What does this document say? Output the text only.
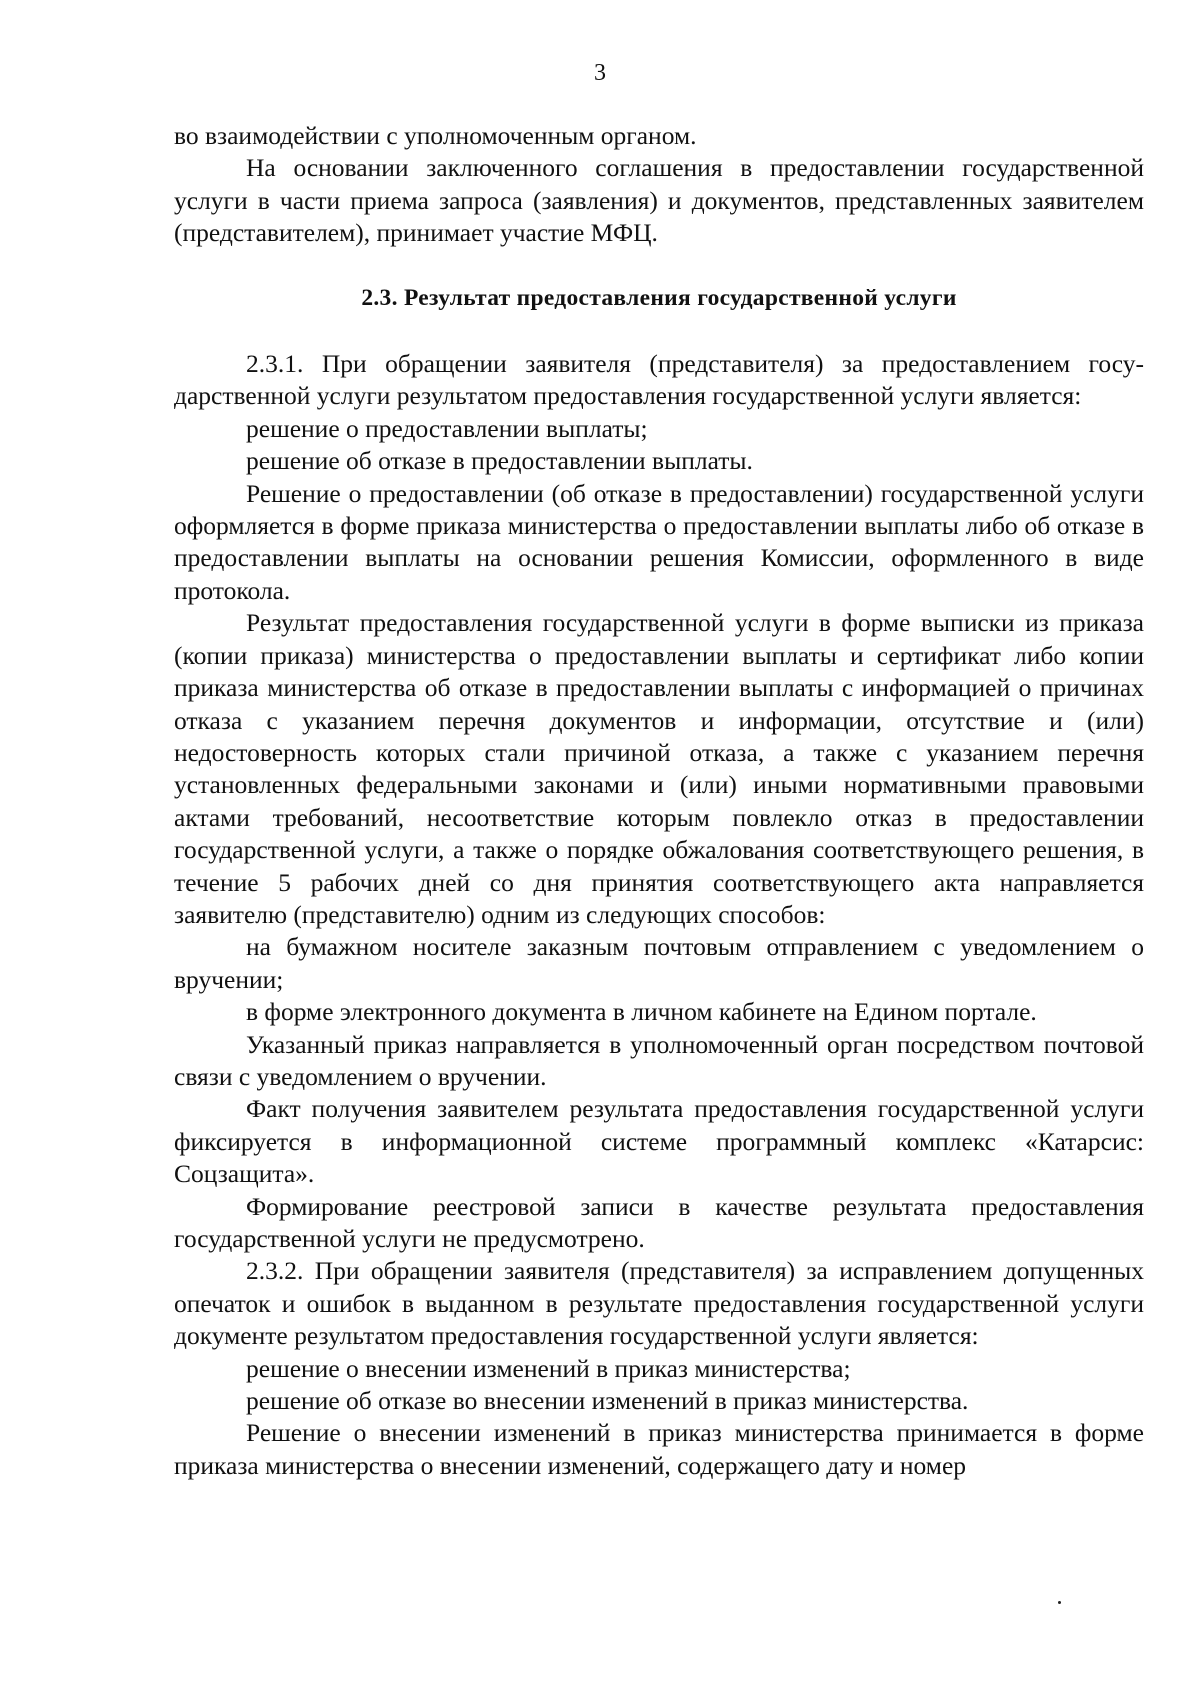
3

во взаимодействии с уполномоченным органом.

На основании заключенного соглашения в предоставлении государственной услуги в части приема запроса (заявления) и документов, представленных заявителем (представителем), принимает участие МФЦ.

2.3. Результат предоставления государственной услуги

2.3.1. При обращении заявителя (представителя) за предоставлением государственной услуги результатом предоставления государственной услуги является:

решение о предоставлении выплаты;

решение об отказе в предоставлении выплаты.

Решение о предоставлении (об отказе в предоставлении) государственной услуги оформляется в форме приказа министерства о предоставлении выплаты либо об отказе в предоставлении выплаты на основании решения Комиссии, оформленного в виде протокола.

Результат предоставления государственной услуги в форме выписки из приказа (копии приказа) министерства о предоставлении выплаты и сертификат либо копии приказа министерства об отказе в предоставлении выплаты с информацией о причинах отказа с указанием перечня документов и информации, отсутствие и (или) недостоверность которых стали причиной отказа, а также с указанием перечня установленных федеральными законами и (или) иными нормативными правовыми актами требований, несоответствие которым повлекло отказ в предоставлении государственной услуги, а также о порядке обжалования соответствующего решения, в течение 5 рабочих дней со дня принятия соответствующего акта направляется заявителю (представителю) одним из следующих способов:

на бумажном носителе заказным почтовым отправлением с уведомлением о вручении;

в форме электронного документа в личном кабинете на Едином портале.

Указанный приказ направляется в уполномоченный орган посредством почтовой связи с уведомлением о вручении.

Факт получения заявителем результата предоставления государственной услуги фиксируется в информационной системе программный комплекс «Катарсис: Соцзащита».

Формирование реестровой записи в качестве результата предоставления государственной услуги не предусмотрено.

2.3.2. При обращении заявителя (представителя) за исправлением допущенных опечаток и ошибок в выданном в результате предоставления государственной услуги документе результатом предоставления государственной услуги является:

решение о внесении изменений в приказ министерства;

решение об отказе во внесении изменений в приказ министерства.

Решение о внесении изменений в приказ министерства принимается в форме приказа министерства о внесении изменений, содержащего дату и номер
